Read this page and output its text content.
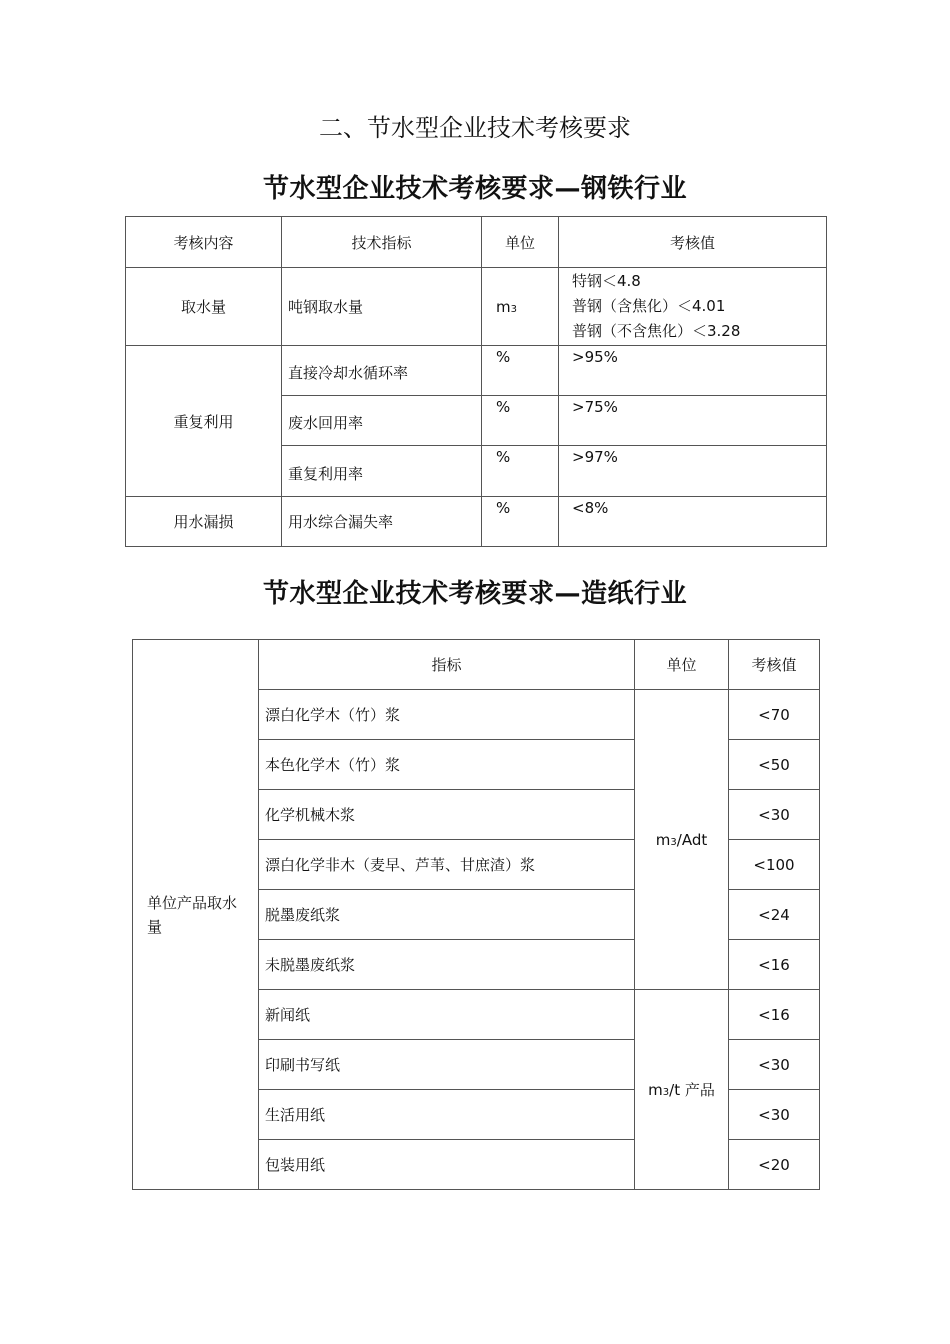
二、节水型企业技术考核要求
节水型企业技术考核要求—钢铁行业
考核内容	技术指标	单位	考核值
取水量	吨钢取水量	m3	特钢＜4.8
普钢（含焦化）＜4.01
普钢（不含焦化）＜3.28

重复利用	直接冷却水循环率	%	>95%
	废水回用率	%	>75%
	重复利用率	%	>97%
用水漏损	用水综合漏失率	%	<8%
节水型企业技术考核要求—造纸行业
单位产品取水量	指标	单位	考核值
	漂白化学木（竹）浆	m3/Adt	<70
	本色化学木（竹）浆		<50
	化学机械木浆		<30
	漂白化学非木（麦早、芦苇、甘庶渣）浆		<100
	脱墨废纸浆		<24
	未脱墨废纸浆		<16
	新闻纸	m3/t 产品	<16
	印刷书写纸		<30
	生活用纸		<30
	包装用纸		<20
